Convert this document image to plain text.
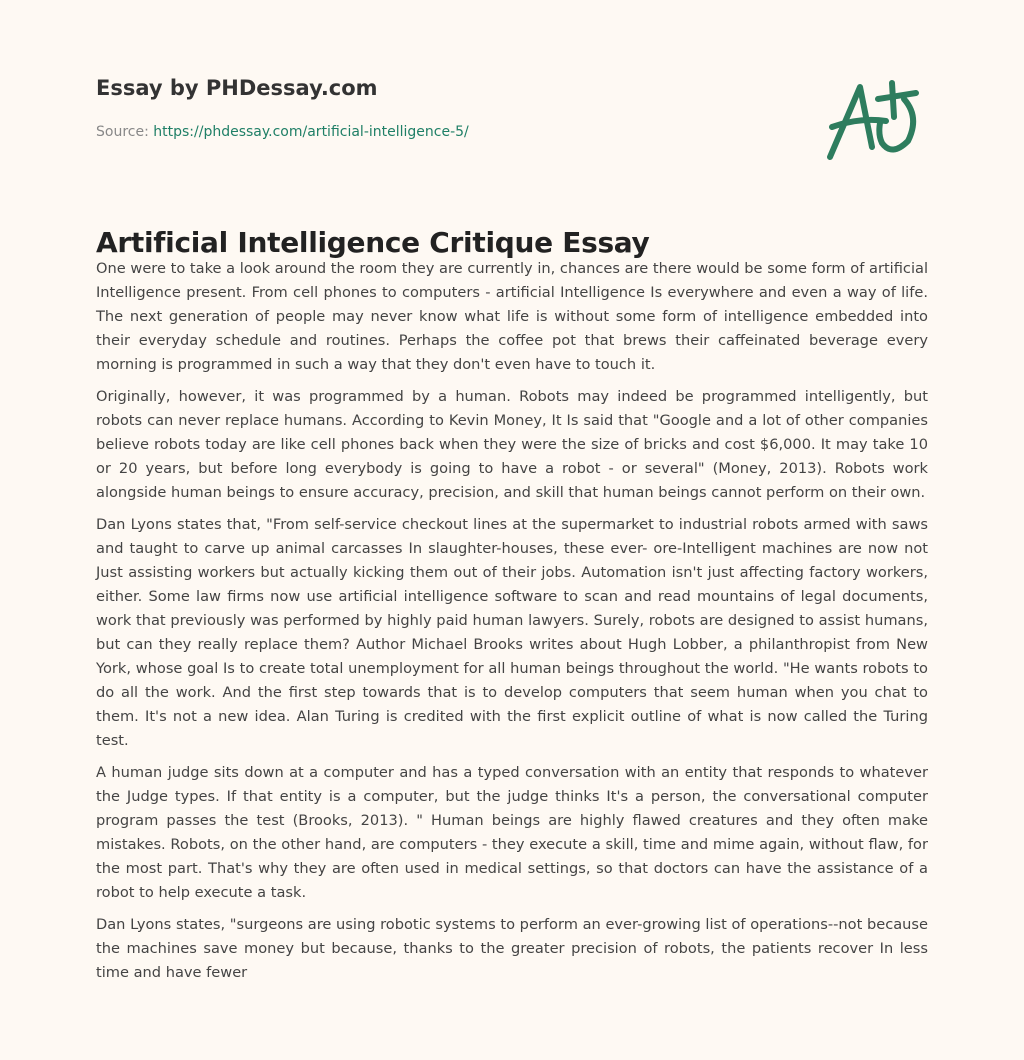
Essay by PHDessay.com
Source: https://phdessay.com/artificial-intelligence-5/
Artificial Intelligence Critique Essay

One were to take a look around the room they are currently in, chances are there would be some form of artificial Intelligence present. From cell phones to computers - artificial Intelligence Is everywhere and even a way of life. The next generation of people may never know what life is without some form of intelligence embedded into their everyday schedule and routines. Perhaps the coffee pot that brews their caffeinated beverage every morning is programmed in such a way that they don't even have to touch it.

Originally, however, it was programmed by a human. Robots may indeed be programmed intelligently, but robots can never replace humans. According to Kevin Money, It Is said that "Google and a lot of other companies believe robots today are like cell phones back when they were the size of bricks and cost $6,000. It may take 10 or 20 years, but before long everybody is going to have a robot - or several" (Money, 2013). Robots work alongside human beings to ensure accuracy, precision, and skill that human beings cannot perform on their own.

Dan Lyons states that, "From self-service checkout lines at the supermarket to industrial robots armed with saws and taught to carve up animal carcasses In slaughter-houses, these ever- ore-Intelligent machines are now not Just assisting workers but actually kicking them out of their jobs. Automation isn't just affecting factory workers, either. Some law firms now use artificial intelligence software to scan and read mountains of legal documents, work that previously was performed by highly paid human lawyers. Surely, robots are designed to assist humans, but can they really replace them? Author Michael Brooks writes about Hugh Lobber, a philanthropist from New York, whose goal Is to create total unemployment for all human beings throughout the world. "He wants robots to do all the work. And the first step towards that is to develop computers that seem human when you chat to them. It's not a new idea. Alan Turing is credited with the first explicit outline of what is now called the Turing test.

A human judge sits down at a computer and has a typed conversation with an entity that responds to whatever the Judge types. If that entity is a computer, but the judge thinks It's a person, the conversational computer program passes the test (Brooks, 2013). " Human beings are highly flawed creatures and they often make mistakes. Robots, on the other hand, are computers - they execute a skill, time and mime again, without flaw, for the most part. That's why they are often used in medical settings, so that doctors can have the assistance of a robot to help execute a task.

Dan Lyons states, "surgeons are using robotic systems to perform an ever-growing list of operations--not because the machines save money but because, thanks to the greater precision of robots, the patients recover In less time and have fewer
